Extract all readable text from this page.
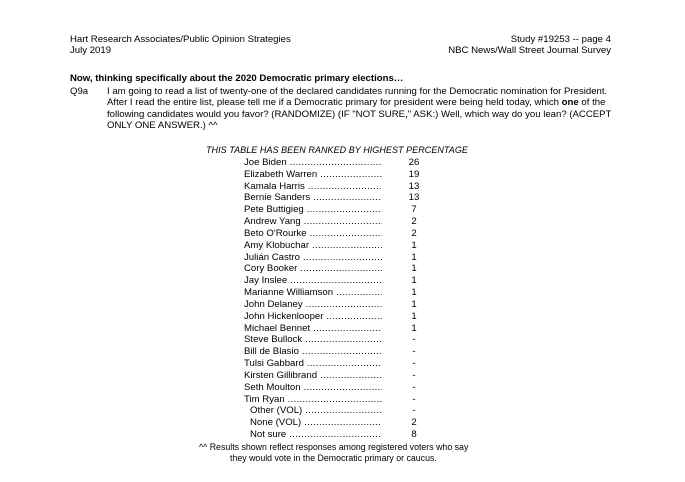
Hart Research Associates/Public Opinion Strategies
July 2019
Study #19253 -- page 4
NBC News/Wall Street Journal Survey
Now, thinking specifically about the 2020 Democratic primary elections…
Q9a I am going to read a list of twenty-one of the declared candidates running for the Democratic nomination for President. After I read the entire list, please tell me if a Democratic primary for president were being held today, which one of the following candidates would you favor? (RANDOMIZE) (IF "NOT SURE," ASK:) Well, which way do you lean? (ACCEPT ONLY ONE ANSWER.) ^^
THIS TABLE HAS BEEN RANKED BY HIGHEST PERCENTAGE
Joe Biden .....	26
Elizabeth Warren .....	19
Kamala Harris .....	13
Bernie Sanders .....	13
Pete Buttigieg .....	7
Andrew Yang .....	2
Beto O'Rourke .....	2
Amy Klobuchar .....	1
Julián Castro .....	1
Cory Booker .....	1
Jay Inslee .....	1
Marianne Williamson .....	1
John Delaney .....	1
John Hickenlooper .....	1
Michael Bennet .....	1
Steve Bullock .....	-
Bill de Blasio .....	-
Tulsi Gabbard .....	-
Kirsten Gillibrand .....	-
Seth Moulton .....	-
Tim Ryan .....	-
Other (VOL) .....	-
None (VOL) .....	2
Not sure .....	8
^^ Results shown reflect responses among registered voters who say
they would vote in the Democratic primary or caucus.
